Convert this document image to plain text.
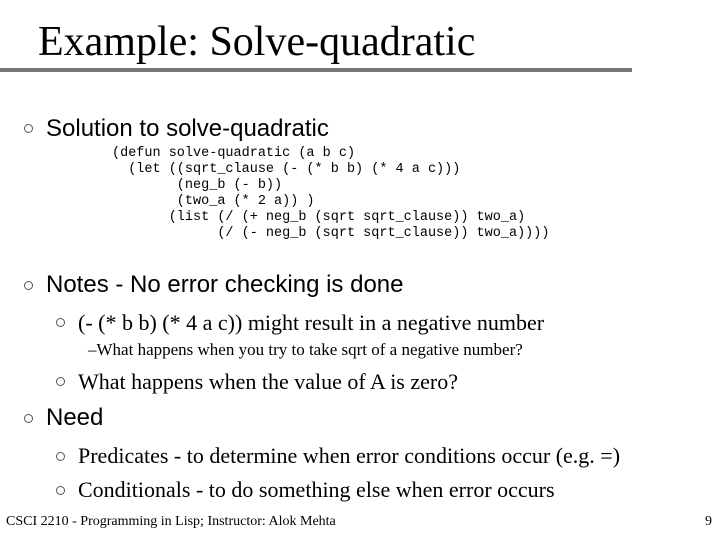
Example: Solve-quadratic
Solution to solve-quadratic
(defun solve-quadratic (a b c)
(let ((sqrt_clause (- (* b b) (* 4 a c)))
(neg_b (- b))
(two_a (* 2 a)) )
(list (/ (+ neg_b (sqrt sqrt_clause)) two_a)
(/ (- neg_b (sqrt sqrt_clause)) two_a))))
Notes - No error checking is done
(- (* b b) (* 4 a c)) might result in a negative number
–What happens when you try to take sqrt of a negative number?
What happens when the value of A is zero?
Need
Predicates - to determine when error conditions occur (e.g. =)
Conditionals - to do something else when error occurs
CSCI 2210 - Programming in Lisp; Instructor: Alok Mehta	9
